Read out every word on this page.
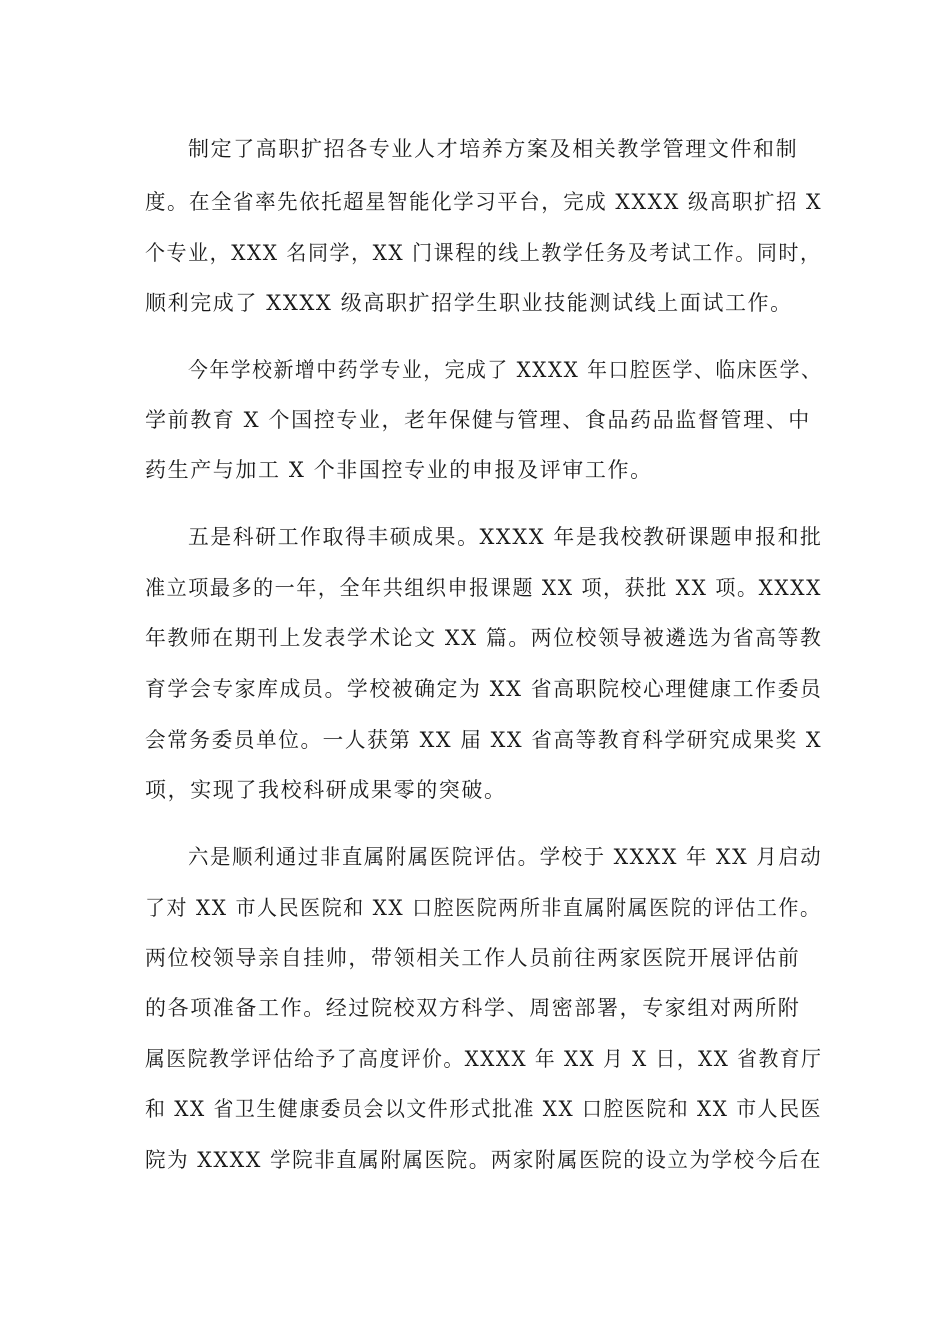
制定了高职扩招各专业人才培养方案及相关教学管理文件和制
度。在全省率先依托超星智能化学习平台，完成 XXXX 级高职扩招 X
个专业，XXX 名同学，XX 门课程的线上教学任务及考试工作。同时，
顺利完成了 XXXX 级高职扩招学生职业技能测试线上面试工作。
今年学校新增中药学专业，完成了 XXXX 年口腔医学、临床医学、
学前教育 X 个国控专业，老年保健与管理、食品药品监督管理、中
药生产与加工 X 个非国控专业的申报及评审工作。
五是科研工作取得丰硕成果。XXXX 年是我校教研课题申报和批
准立项最多的一年，全年共组织申报课题 XX 项，获批 XX 项。XXXX
年教师在期刊上发表学术论文 XX 篇。两位校领导被遴选为省高等教
育学会专家库成员。学校被确定为 XX 省高职院校心理健康工作委员
会常务委员单位。一人获第 XX 届 XX 省高等教育科学研究成果奖 X
项，实现了我校科研成果零的突破。
六是顺利通过非直属附属医院评估。学校于 XXXX 年 XX 月启动
了对 XX 市人民医院和 XX 口腔医院两所非直属附属医院的评估工作。
两位校领导亲自挂帅，带领相关工作人员前往两家医院开展评估前
的各项准备工作。经过院校双方科学、周密部署，专家组对两所附
属医院教学评估给予了高度评价。XXXX 年 XX 月 X 日，XX 省教育厅
和 XX 省卫生健康委员会以文件形式批准 XX 口腔医院和 XX 市人民医
院为 XXXX 学院非直属附属医院。两家附属医院的设立为学校今后在
